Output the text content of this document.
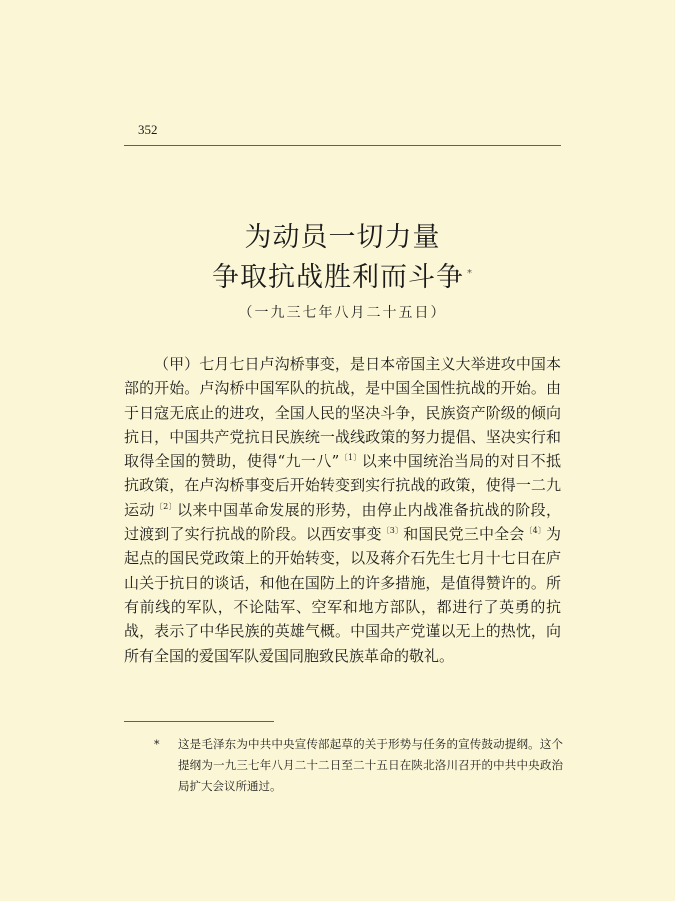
352
为动员一切力量
争取抗战胜利而斗争 *
（一九三七年八月二十五日）

（甲）七月七日卢沟桥事变，是日本帝国主义大举进攻中国本部的开始。卢沟桥中国军队的抗战，是中国全国性抗战的开始。由于日寇无底止的进攻，全国人民的坚决斗争，民族资产阶级的倾向抗日，中国共产党抗日民族统一战线政策的努力提倡、坚决实行和取得全国的赞助，使得“九一八”$^{〔1〕}$以来中国统治当局的对日不抵抗政策，在卢沟桥事变后开始转变到实行抗战的政策，使得一二九运动$^{〔2〕}$以来中国革命发展的形势，由停止内战准备抗战的阶段，过渡到了实行抗战的阶段。以西安事变$^{〔3〕}$和国民党三中全会$^{〔4〕}$为起点的国民党政策上的开始转变，以及蒋介石先生七月十七日在庐山关于抗日的谈话，和他在国防上的许多措施，是值得赞许的。所有前线的军队，不论陆军、空军和地方部队，都进行了英勇的抗战，表示了中华民族的英雄气概。中国共产党谨以无上的热忱，向所有全国的爱国军队爱国同胞致民族革命的敬礼。

* 这是毛泽东为中共中央宣传部起草的关于形势与任务的宣传鼓动提纲。这个提纲为一九三七年八月二十二日至二十五日在陕北洛川召开的中共中央政治局扩大会议所通过。
